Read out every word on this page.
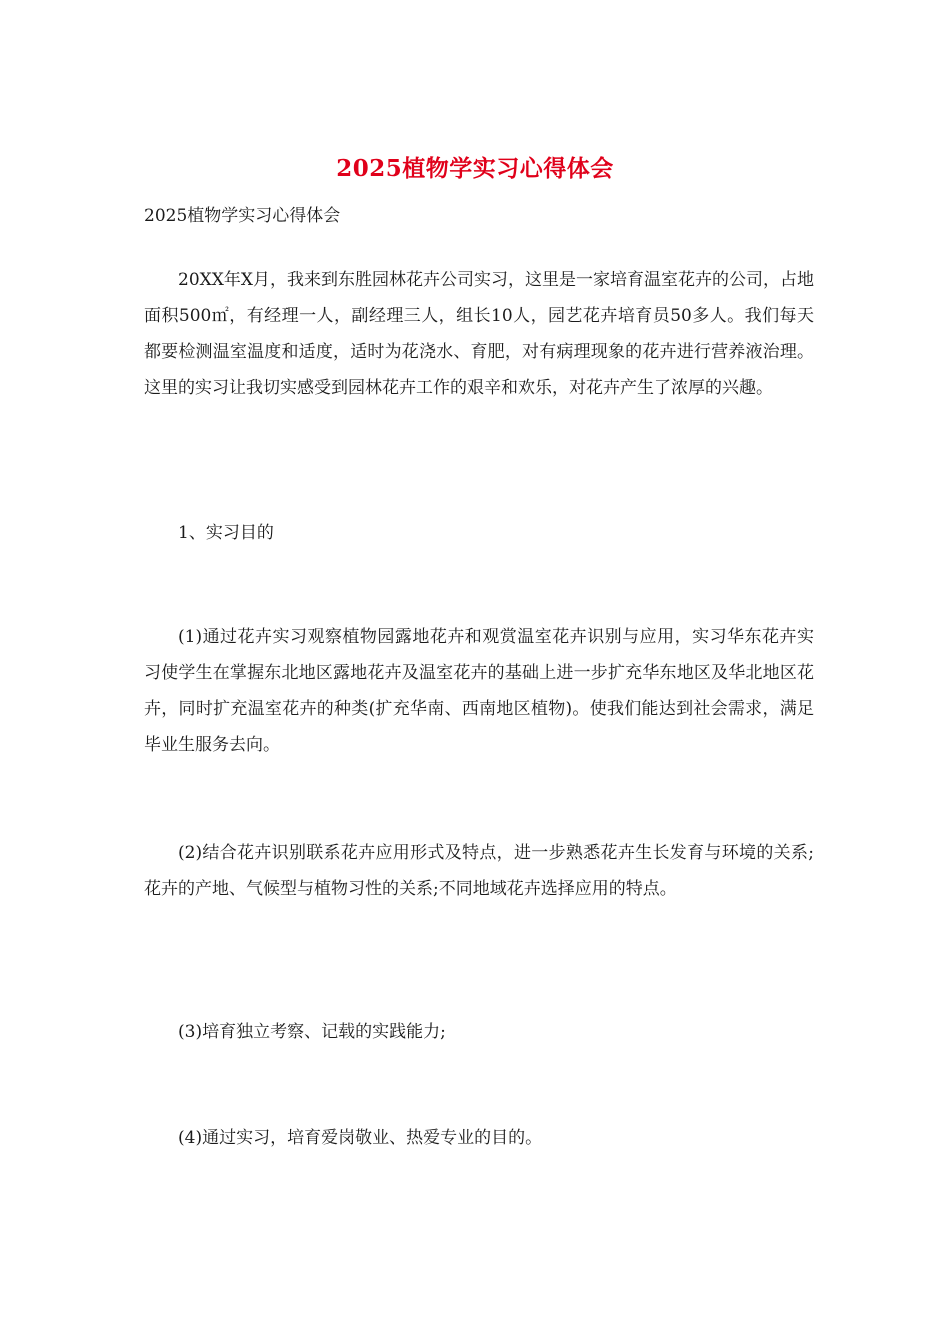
2025植物学实习心得体会

2025植物学实习心得体会

20XX年X月，我来到东胜园林花卉公司实习，这里是一家培育温室花卉的公司，占地面积500㎡，有经理一人，副经理三人，组长10人，园艺花卉培育员50多人。我们每天都要检测温室温度和适度，适时为花浇水、育肥，对有病理现象的花卉进行营养液治理。这里的实习让我切实感受到园林花卉工作的艰辛和欢乐，对花卉产生了浓厚的兴趣。

1、实习目的

(1)通过花卉实习观察植物园露地花卉和观赏温室花卉识别与应用，实习华东花卉实习使学生在掌握东北地区露地花卉及温室花卉的基础上进一步扩充华东地区及华北地区花卉，同时扩充温室花卉的种类(扩充华南、西南地区植物)。使我们能达到社会需求，满足毕业生服务去向。

(2)结合花卉识别联系花卉应用形式及特点，进一步熟悉花卉生长发育与环境的关系;花卉的产地、气候型与植物习性的关系;不同地域花卉选择应用的特点。

(3)培育独立考察、记载的实践能力;

(4)通过实习，培育爱岗敬业、热爱专业的目的。
